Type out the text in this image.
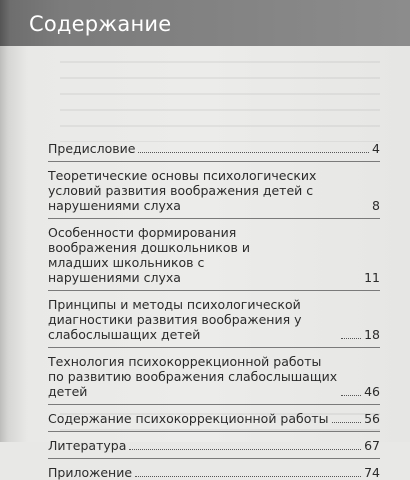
Содержание
Предисловие	4
Теоретические основы психологических условий развития воображения детей с нарушениями слуха	8
Особенности формирования воображения дошкольников и младших школьников с нарушениями слуха	11
Принципы и методы психологической диагностики развития воображения у слабослышащих детей	18
Технология психокоррекционной работы по развитию воображения слабослышащих детей	46
Содержание психокоррекционной работы	56
Литература	67
Приложение	74
